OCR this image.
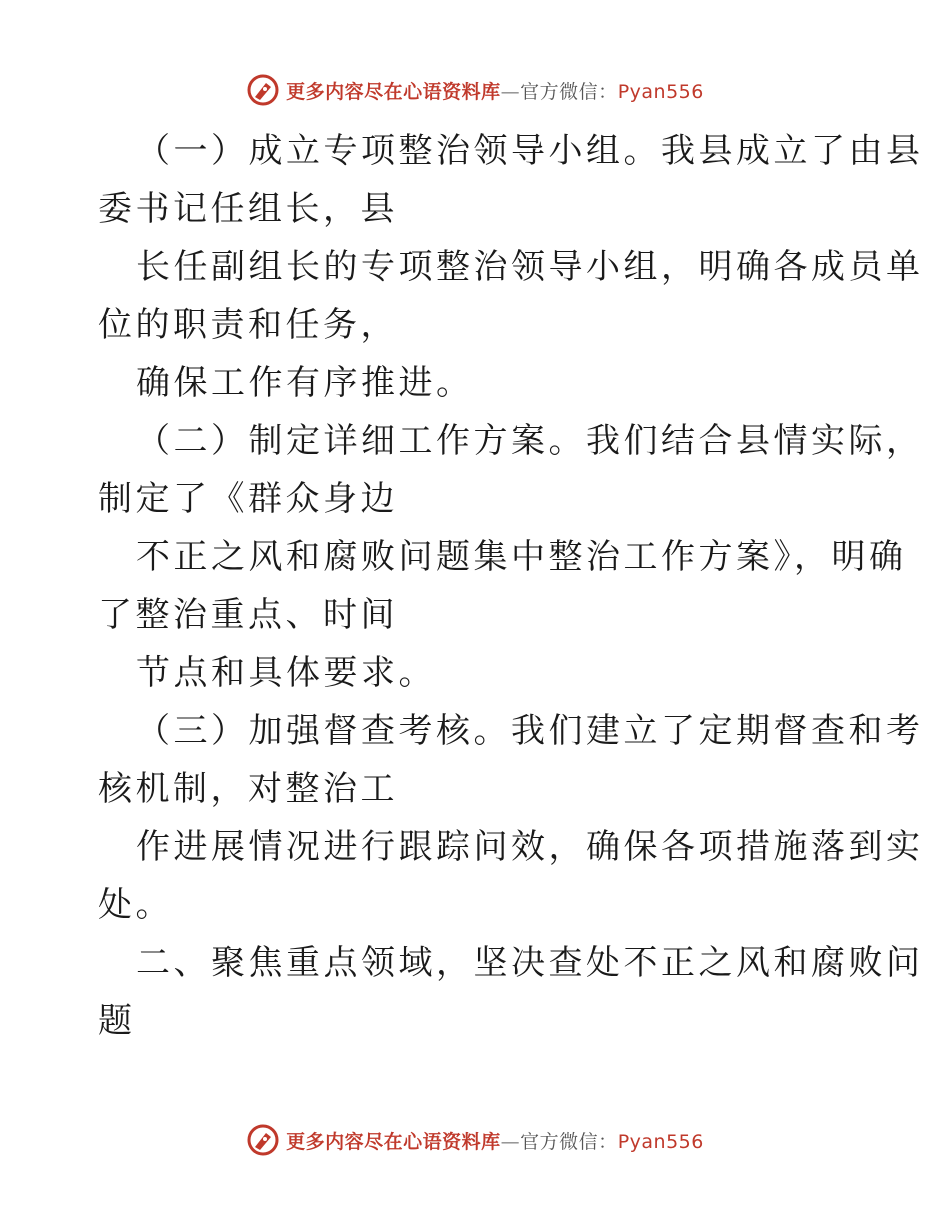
更多内容尽在心语资料库—官方微信：Pyan556
（一）成立专项整治领导小组。我县成立了由县
委书记任组长，县
长任副组长的专项整治领导小组，明确各成员单
位的职责和任务，
确保工作有序推进。
（二）制定详细工作方案。我们结合县情实际，
制定了《群众身边
不正之风和腐败问题集中整治工作方案》，明确
了整治重点、时间
节点和具体要求。
（三）加强督查考核。我们建立了定期督查和考
核机制，对整治工
作进展情况进行跟踪问效，确保各项措施落到实
处。
二、聚焦重点领域，坚决查处不正之风和腐败问
题
更多内容尽在心语资料库—官方微信：Pyan556
